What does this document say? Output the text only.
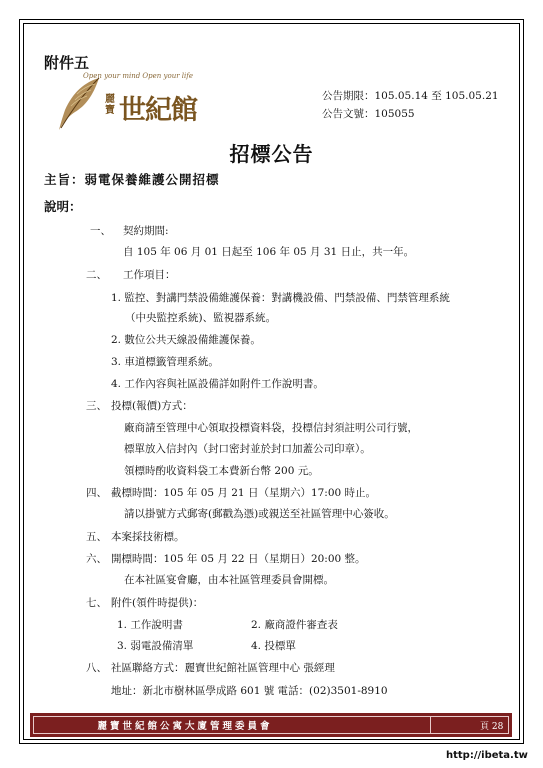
附件五
Open your mind Open your life
麗寶 世紀館	公告期限：105.05.14 至 105.05.21
公告文號：105055
招標公告
主旨：弱電保養維護公開招標
說明：
一、 契約期間:
自 105 年 06 月 01 日起至 106 年 05 月 31 日止，共一年。
二、 工作項目：
1. 監控、對講門禁設備維護保養：對講機設備、門禁設備、門禁管理系統
（中央監控系統)、監視器系統。
2. 數位公共天線設備維護保養。
3. 車道標籤管理系統。
4. 工作內容與社區設備詳如附件工作說明書。
三、 投標(報價)方式：
廠商請至管理中心領取投標資料袋，投標信封須註明公司行號，
標單放入信封內（封口密封並於封口加蓋公司印章）。
領標時酌收資料袋工本費新台幣 200 元。
四、 截標時間：105 年 05 月 21 日（星期六）17:00 時止。
請以掛號方式郵寄(郵戳為憑)或親送至社區管理中心簽收。
五、 本案採技術標。
六、 開標時間：105 年 05 月 22 日（星期日）20:00 整。
在本社區宴會廳，由本社區管理委員會開標。
七、 附件(領件時提供)：
1. 工作說明書	2. 廠商證件審查表
3. 弱電設備清單	4. 投標單
八、 社區聯絡方式：麗寶世紀館社區管理中心 張經理
地址：新北市樹林區學成路 601 號 電話：(02)3501-8910
麗寶世紀館公寓大廈管理委員會	頁 28
http://ibeta.tw
